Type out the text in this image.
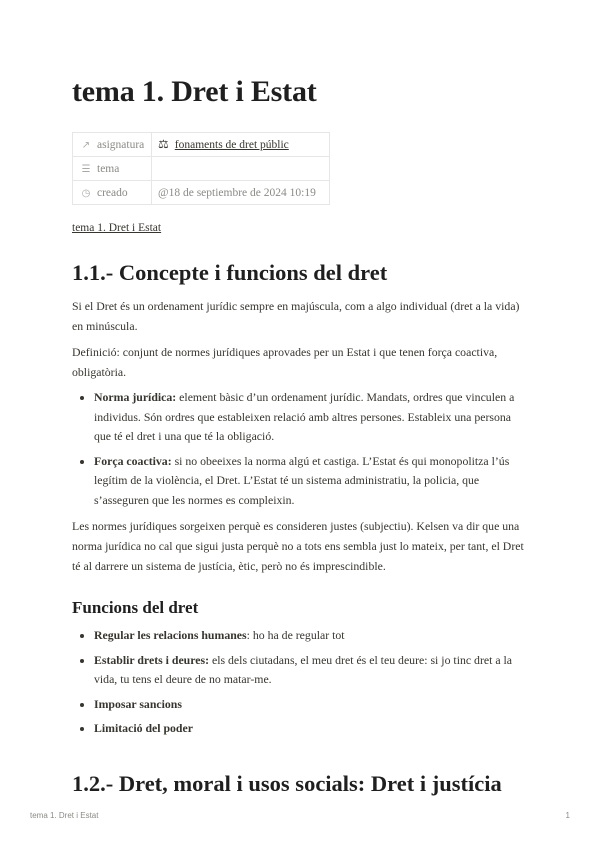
tema 1. Dret i Estat
↗ asignatura	⚖ fonaments de dret públic
☰ tema	
◷ creado	@18 de septiembre de 2024 10:19
tema 1. Dret i Estat
1.1.- Concepte i funcions del dret

Si el Dret és un ordenament jurídic sempre en majúscula, com a algo individual (dret a la vida) en minúscula.

Definició: conjunt de normes jurídiques aprovades per un Estat i que tenen força coactiva, obligatòria.

• Norma jurídica: element bàsic d’un ordenament jurídic. Mandats, ordres que vinculen a individus. Són ordres que estableixen relació amb altres persones. Estableix una persona que té el dret i una que té la obligació.
• Força coactiva: si no obeeixes la norma algú et castiga. L’Estat és qui monopolitza l’ús legítim de la violència, el Dret. L’Estat té un sistema administratiu, la policia, que s’asseguren que les normes es compleixin.

Les normes jurídiques sorgeixen perquè es consideren justes (subjectiu). Kelsen va dir que una norma jurídica no cal que sigui justa perquè no a tots ens sembla just lo mateix, per tant, el Dret té al darrere un sistema de justícia, ètic, però no és imprescindible.

Funcions del dret
• Regular les relacions humanes: ho ha de regular tot
• Establir drets i deures: els dels ciutadans, el meu dret és el teu deure: si jo tinc dret a la vida, tu tens el deure de no matar-me.
• Imposar sancions
• Limitació del poder
1.2.- Dret, moral i usos socials: Dret i justícia
tema 1. Dret i Estat	1
